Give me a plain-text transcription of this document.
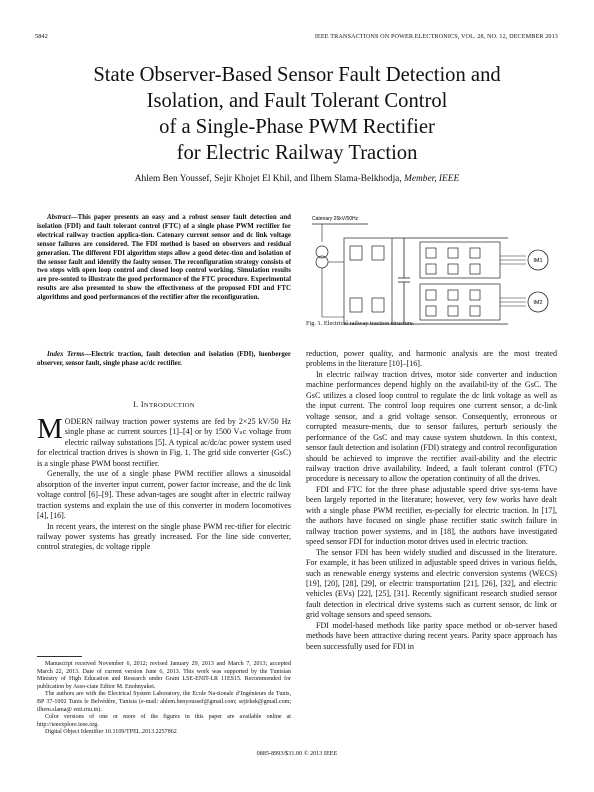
5842	IEEE TRANSACTIONS ON POWER ELECTRONICS, VOL. 28, NO. 12, DECEMBER 2013
State Observer-Based Sensor Fault Detection and
Isolation, and Fault Tolerant Control
of a Single-Phase PWM Rectifier
for Electric Railway Traction
Ahlem Ben Youssef, Sejir Khojet El Khil, and Ilhem Slama-Belkhodja, Member, IEEE

Abstract—This paper presents an easy and a robust sensor fault detection and isolation (FDI) and fault tolerant control (FTC) of a single phase PWM rectifier for electrical railway traction applica-tion. Catenary current sensor and dc link voltage sensor failures are considered. The FDI method is based on observers and residual generation. The different FDI algorithm steps allow a good detec-tion and isolation of the sensor fault and identify the faulty sensor. The reconfiguration strategy consists of two steps with open loop control and closed loop control working. Simulation results are pre-sented to illustrate the good performance of the FTC procedure. Experimental results are also presented to show the effectiveness of the proposed FDI and FTC algorithms and good performances of the rectifier after the reconfiguration.

Index Terms—Electric traction, fault detection and isolation (FDI), luenberger observer, sensor fault, single phase ac/dc rectifier.

I. INTRODUCTION

MODERN railway traction power systems are fed by 2×25 kV/50 Hz single phase ac current sources [1]–[4] or by 1500 Vₙc voltage from electric railway substations [5]. A typical ac/dc/ac power system used for electrical traction drives is shown in Fig. 1. The grid side converter (GsC) is a single phase PWM boost rectifier.

Generally, the use of a single phase PWM rectifier allows a sinusoidal absorption of the inverter input current, power factor increase, and the dc link voltage control [6]–[9]. These advan-tages are sought after in electric railway traction systems and explain the use of this converter in modern locomotives [4], [16].

In recent years, the interest on the single phase PWM rec-tifier for electric railway power systems has greatly increased. For the line side converter, control strategies, dc voltage ripple

Manuscript received November 6, 2012; revised January 29, 2013 and March 7, 2013; accepted March 22, 2013. Date of current version June 6, 2013. This work was supported by the Tunisian Ministry of High Education and Research under Grant LSE-ENIT-LR 11ES15. Recommended for publication by Asso-ciate Editor M. Enohnyaket.

The authors are with the Electrical System Laboratory, the Ecole Na-tionale d’Ingénieurs de Tunis, BP 37-1002 Tunis le Belvédère, Tunisia (e-mail: ahlem.benyoussef@gmail.com; sejirkek@gmail.com; ilhem.slama@ enit.rnu.tn).

Color versions of one or more of the figures in this paper are available online at http://ieeexplore.ieee.org.

Digital Object Identifier 10.1109/TPEL.2013.2257862

Catenary 25kV/50Hz
IM1
IM2
Fig. 1. Electrical railway traction structure.

reduction, power quality, and harmonic analysis are the most treated problems in the literature [10]–[16].

In electric railway traction drives, motor side converter and induction machine performances depend highly on the availabil-ity of the GsC. The GsC utilizes a closed loop control to regulate the dc link voltage as well as the input current. The control loop requires one current sensor, a dc-link voltage sensor, and a grid voltage sensor. Consequently, erroneous or corrupted measure-ments, due to sensor failures, perturb seriously the performance of the GsC and may cause system shutdown. In this context, sensor fault detection and isolation (FDI) strategy and control reconfiguration should be achieved to improve the rectifier avail-ability and the electric railway traction drive availability. Indeed, a fault tolerant control (FTC) procedure is necessary to allow the operation continuity of all the drives.

FDI and FTC for the three phase adjustable speed drive sys-tems have been largely reported in the literature; however, very few works have dealt with a single phase PWM rectifier, es-pecially for electric traction. In [17], the authors have focused on single phase rectifier static switch failure in railway traction power systems, and in [18], the authors have investigated speed sensor FDI for induction motor drives used in electric traction.

The sensor FDI has been widely studied and discussed in the literature. For example, it has been utilized in adjustable speed drives in various fields, such as renewable energy systems and electric conversion systems (WECS) [19], [20], [28], [29], or electric transportation [21], [26], [32], and electric vehicles (EVs) [22], [25], [31]. Recently significant research studied sensor fault detection in electrical drive systems such as current sensor, dc link or grid voltage sensors and speed sensors.

FDI model-based methods like parity space method or ob-server based methods have been attractive during recent years. Parity space approach has been successfully used for FDI in

0885-8993/$31.00 © 2013 IEEE
